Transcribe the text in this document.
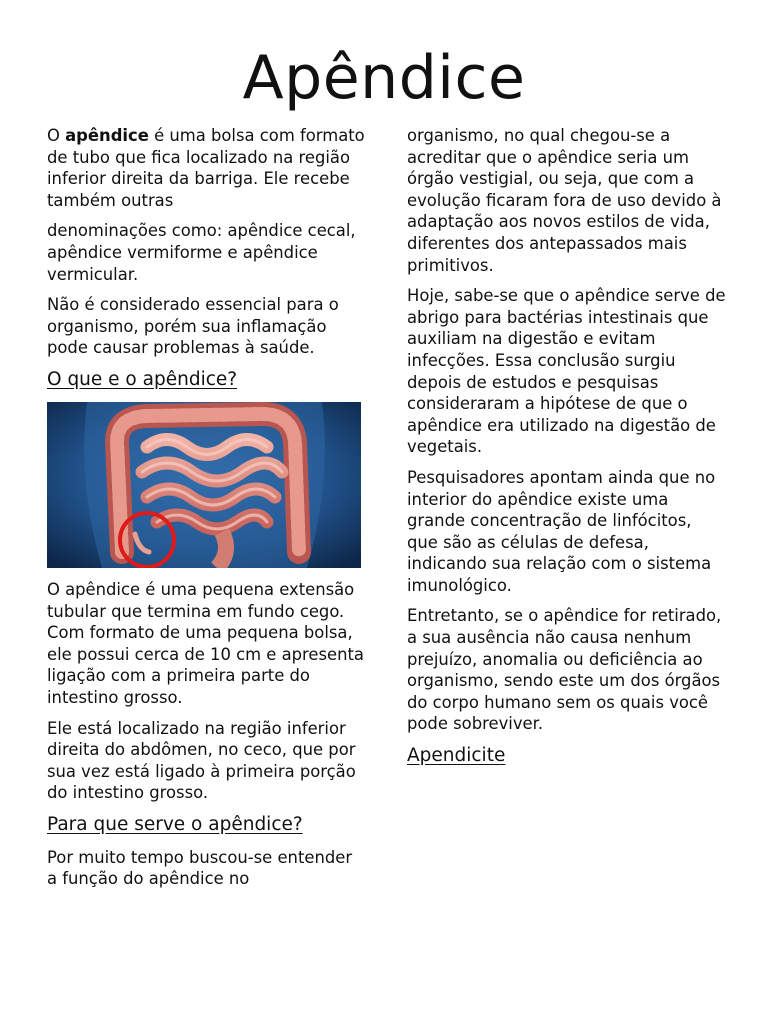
Apêndice

O apêndice é uma bolsa com formato de tubo que fica localizado na região inferior direita da barriga. Ele recebe também outras

denominações como: apêndice cecal, apêndice vermiforme e apêndice vermicular.

Não é considerado essencial para o organismo, porém sua inflamação pode causar problemas à saúde.

O que e o apêndice?

O apêndice é uma pequena extensão tubular que termina em fundo cego. Com formato de uma pequena bolsa, ele possui cerca de 10 cm e apresenta ligação com a primeira parte do intestino grosso.

Ele está localizado na região inferior direita do abdômen, no ceco, que por sua vez está ligado à primeira porção do intestino grosso.

Para que serve o apêndice?

Por muito tempo buscou-se entender a função do apêndice no

organismo, no qual chegou-se a acreditar que o apêndice seria um órgão vestigial, ou seja, que com a evolução ficaram fora de uso devido à adaptação aos novos estilos de vida, diferentes dos antepassados mais primitivos.

Hoje, sabe-se que o apêndice serve de abrigo para bactérias intestinais que auxiliam na digestão e evitam infecções. Essa conclusão surgiu depois de estudos e pesquisas consideraram a hipótese de que o apêndice era utilizado na digestão de vegetais.

Pesquisadores apontam ainda que no interior do apêndice existe uma grande concentração de linfócitos, que são as células de defesa, indicando sua relação com o sistema imunológico.

Entretanto, se o apêndice for retirado, a sua ausência não causa nenhum prejuízo, anomalia ou deficiência ao organismo, sendo este um dos órgãos do corpo humano sem os quais você pode sobreviver.

Apendicite
